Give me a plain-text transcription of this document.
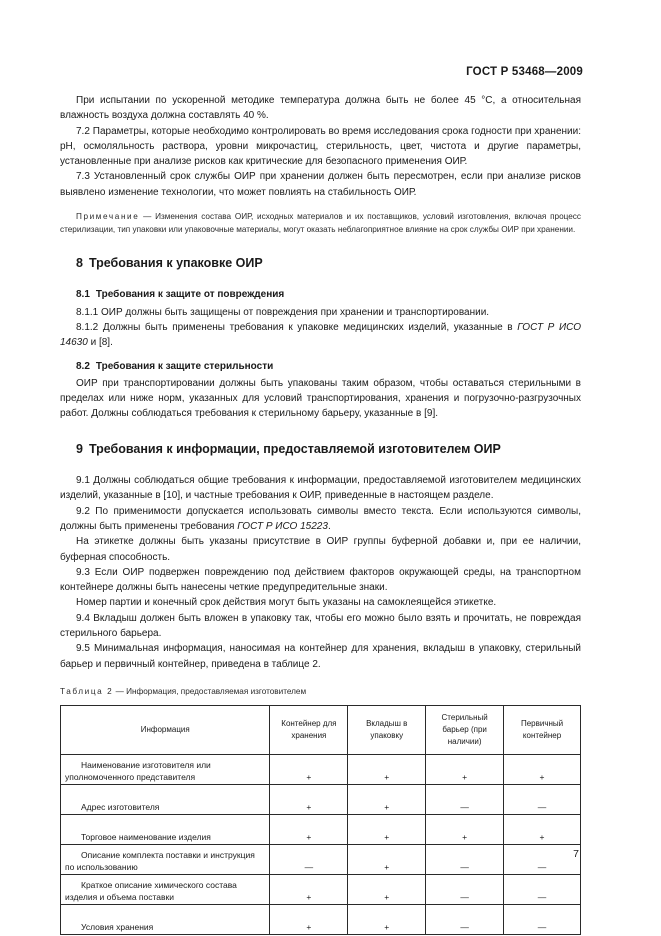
ГОСТ Р 53468—2009

При испытании по ускоренной методике температура должна быть не более 45 °С, а относительная влажность воздуха должна составлять 40 %.

7.2 Параметры, которые необходимо контролировать во время исследования срока годности при хранении: pH, осмоляльность раствора, уровни микрочастиц, стерильность, цвет, чистота и другие параметры, установленные при анализе рисков как критические для безопасного применения ОИР.

7.3 Установленный срок службы ОИР при хранении должен быть пересмотрен, если при анализе рисков выявлено изменение технологии, что может повлиять на стабильность ОИР.

Примечание — Изменения состава ОИР, исходных материалов и их поставщиков, условий изготовления, включая процесс стерилизации, тип упаковки или упаковочные материалы, могут оказать неблагоприятное влияние на срок службы ОИР при хранении.

8 Требования к упаковке ОИР
8.1 Требования к защите от повреждения

8.1.1 ОИР должны быть защищены от повреждения при хранении и транспортировании.

8.1.2 Должны быть применены требования к упаковке медицинских изделий, указанные в ГОСТ Р ИСО 14630 и [8].

8.2 Требования к защите стерильности

ОИР при транспортировании должны быть упакованы таким образом, чтобы оставаться стерильными в пределах или ниже норм, указанных для условий транспортирования, хранения и погрузочно-разгрузочных работ. Должны соблюдаться требования к стерильному барьеру, указанные в [9].

9 Требования к информации, предоставляемой изготовителем ОИР

9.1 Должны соблюдаться общие требования к информации, предоставляемой изготовителем медицинских изделий, указанные в [10], и частные требования к ОИР, приведенные в настоящем разделе.

9.2 По применимости допускается использовать символы вместо текста. Если используются символы, должны быть применены требования ГОСТ Р ИСО 15223.

На этикетке должны быть указаны присутствие в ОИР группы буферной добавки и, при ее наличии, буферная способность.

9.3 Если ОИР подвержен повреждению под действием факторов окружающей среды, на транспортном контейнере должны быть нанесены четкие предупредительные знаки.

Номер партии и конечный срок действия могут быть указаны на самоклеящейся этикетке.

9.4 Вкладыш должен быть вложен в упаковку так, чтобы его можно было взять и прочитать, не повреждая стерильного барьера.

9.5 Минимальная информация, наносимая на контейнер для хранения, вкладыш в упаковку, стерильный барьер и первичный контейнер, приведена в таблице 2.

Таблица 2 — Информация, предоставляемая изготовителем

Информация	Контейнер для хранения	Вкладыш в упаковку	Стерильный барьер (при наличии)	Первичный контейнер
Наименование изготовителя или уполномоченного представителя	+	+	+	+
Адрес изготовителя	+	+	—	—
Торговое наименование изделия	+	+	+	+
Описание комплекта поставки и инструкция по использованию	—	+	—	—
Краткое описание химического состава изделия и объема поставки	+	+	—	—
Условия хранения	+	+	—	—
7
